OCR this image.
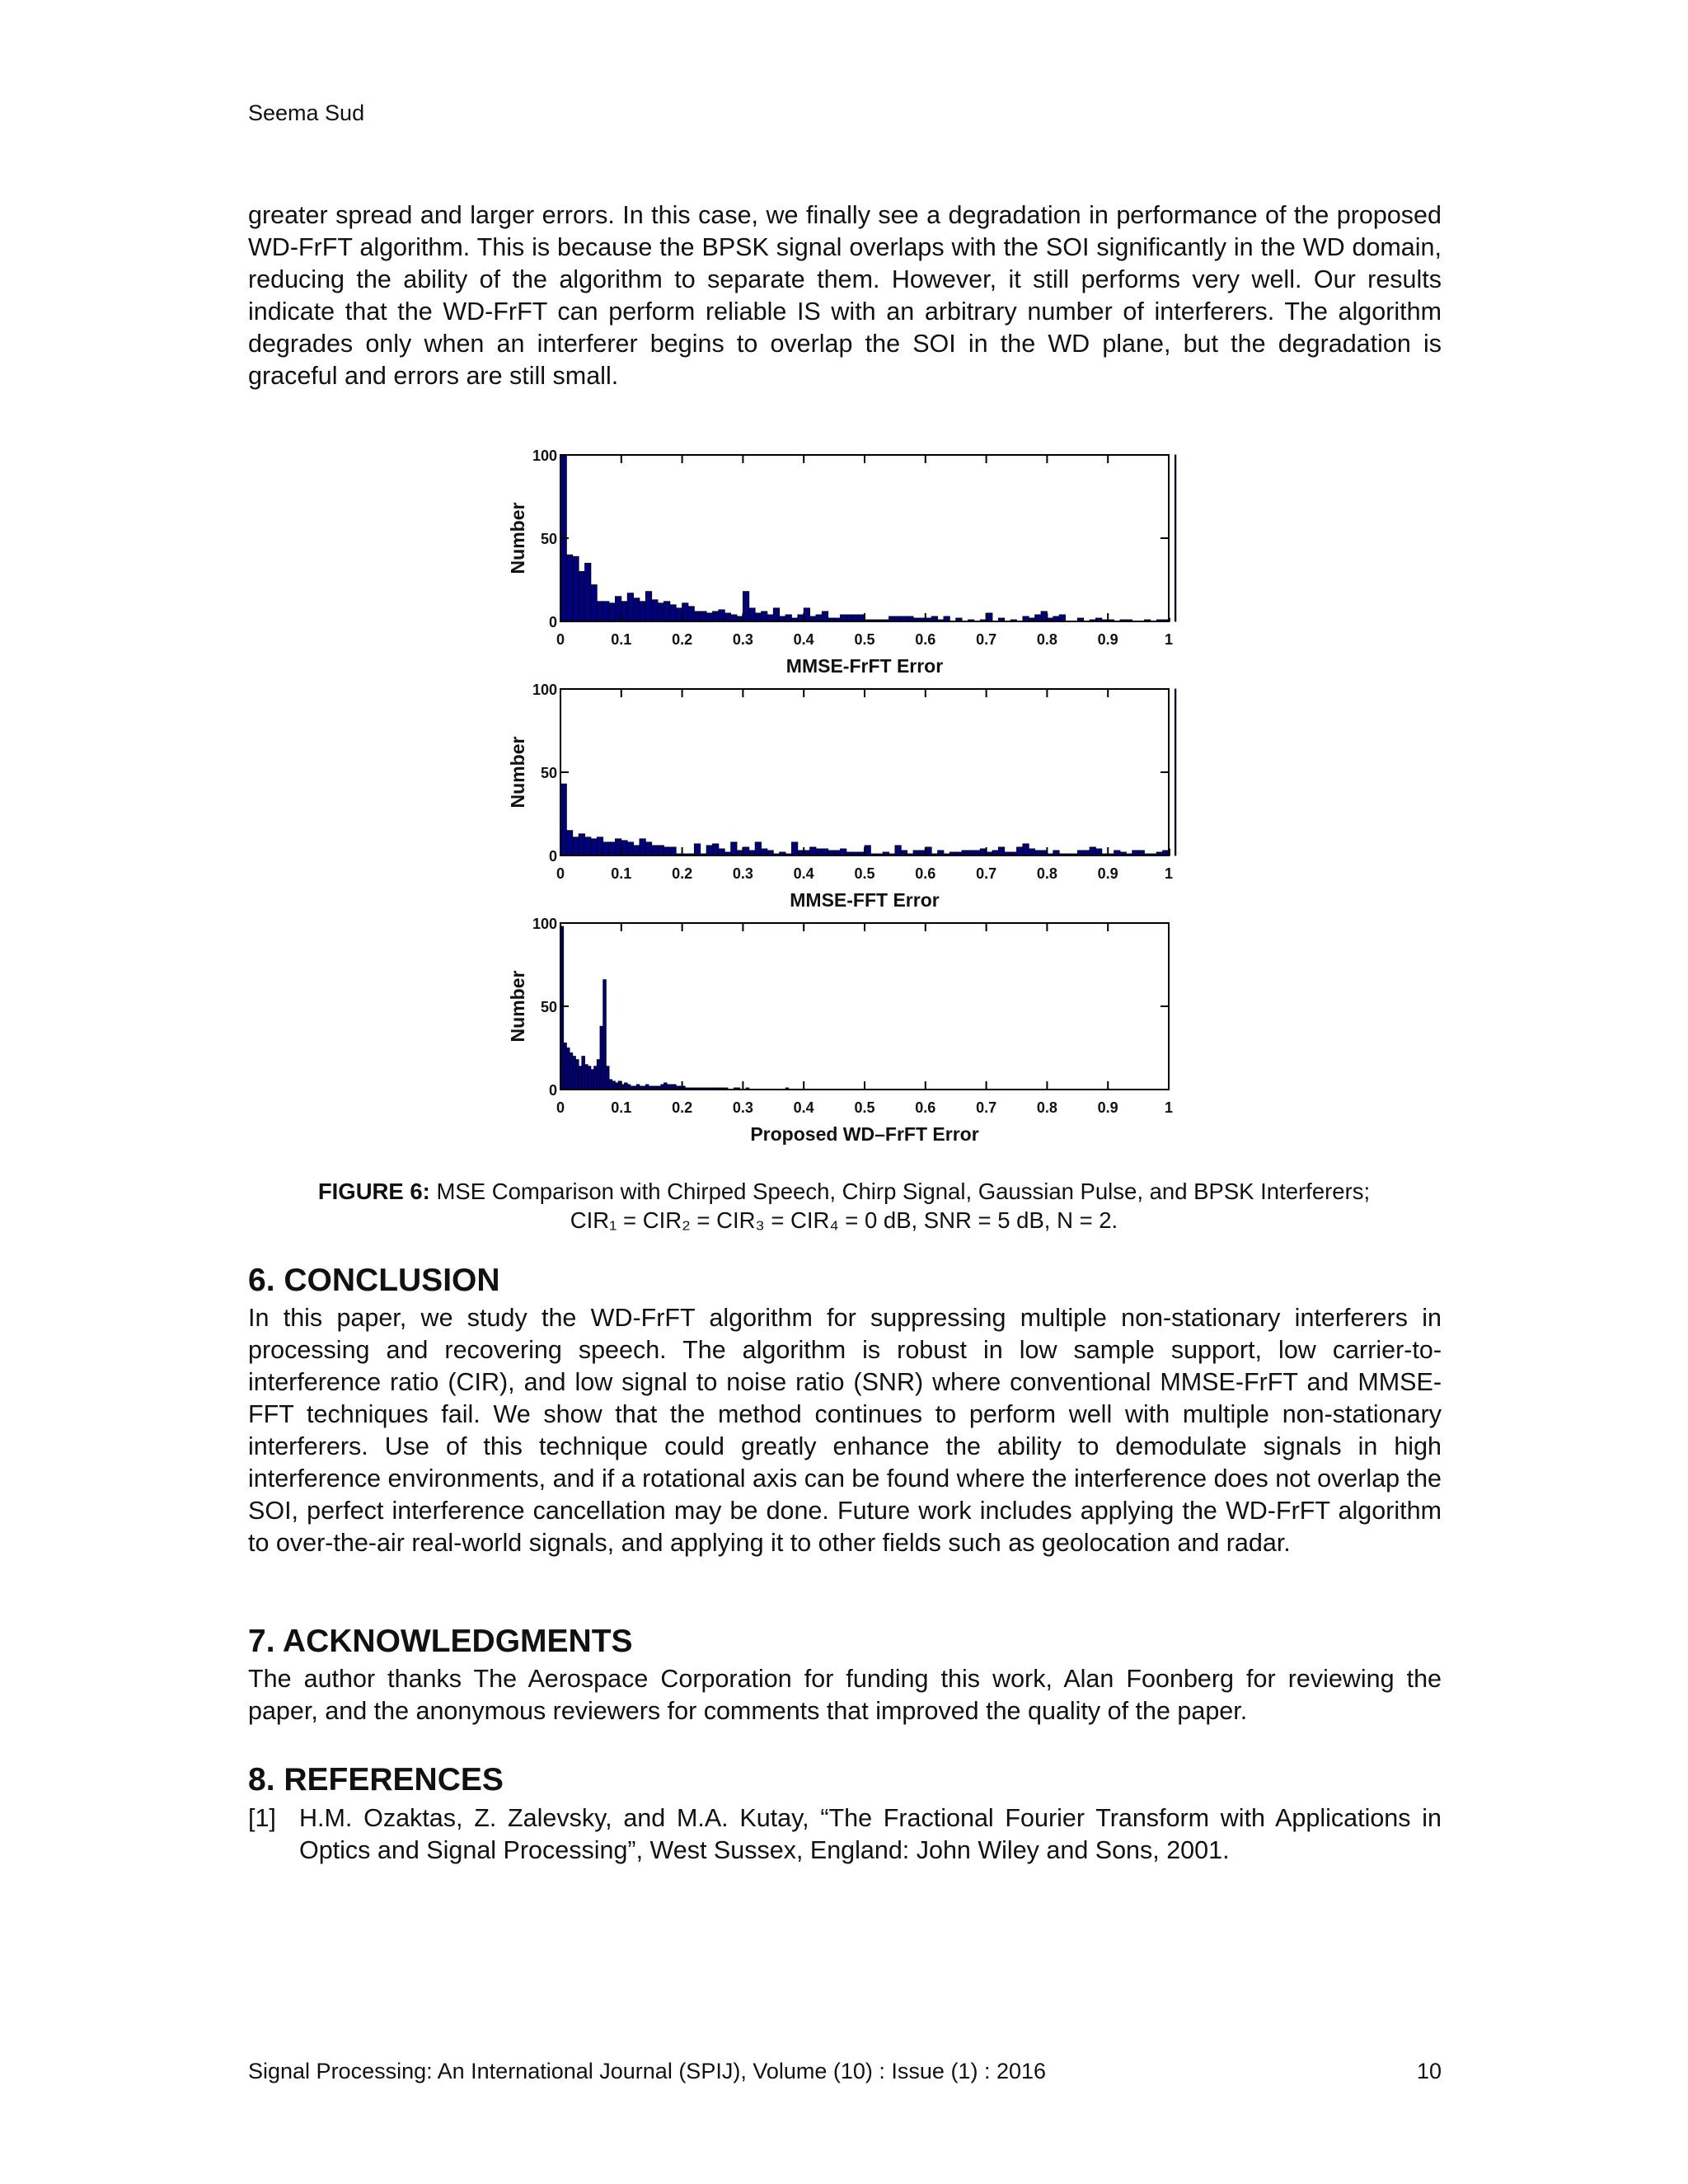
Seema Sud

greater spread and larger errors. In this case, we finally see a degradation in performance of the proposed WD-FrFT algorithm. This is because the BPSK signal overlaps with the SOI significantly in the WD domain, reducing the ability of the algorithm to separate them. However, it still performs very well. Our results indicate that the WD-FrFT can perform reliable IS with an arbitrary number of interferers. The algorithm degrades only when an interferer begins to overlap the SOI in the WD plane, but the degradation is graceful and errors are still small.

0	0.1	0.2	0.3	0.4	0.5	0.6	0.7	0.8	0.9	1
0
50
100
MMSE-FrFT Error
Number
0	0.1	0.2	0.3	0.4	0.5	0.6	0.7	0.8	0.9	1
0
50
100
MMSE-FFT Error
Number
0	0.1	0.2	0.3	0.4	0.5	0.6	0.7	0.8	0.9	1
0
50
100
Proposed WD–FrFT Error
Number
FIGURE 6: MSE Comparison with Chirped Speech, Chirp Signal, Gaussian Pulse, and BPSK Interferers;
CIR₁ = CIR₂ = CIR₃ = CIR₄ = 0 dB, SNR = 5 dB, N = 2.
6. CONCLUSION

In this paper, we study the WD-FrFT algorithm for suppressing multiple non-stationary interferers in processing and recovering speech. The algorithm is robust in low sample support, low carrier-to-interference ratio (CIR), and low signal to noise ratio (SNR) where conventional MMSE-FrFT and MMSE-FFT techniques fail. We show that the method continues to perform well with multiple non-stationary interferers. Use of this technique could greatly enhance the ability to demodulate signals in high interference environments, and if a rotational axis can be found where the interference does not overlap the SOI, perfect interference cancellation may be done. Future work includes applying the WD-FrFT algorithm to over-the-air real-world signals, and applying it to other fields such as geolocation and radar.

7. ACKNOWLEDGMENTS

The author thanks The Aerospace Corporation for funding this work, Alan Foonberg for reviewing the paper, and the anonymous reviewers for comments that improved the quality of the paper.

8. REFERENCES
[1] H.M. Ozaktas, Z. Zalevsky, and M.A. Kutay, “The Fractional Fourier Transform with Applications in Optics and Signal Processing”, West Sussex, England: John Wiley and Sons, 2001.
Signal Processing: An International Journal (SPIJ), Volume (10) : Issue (1) : 2016	10
